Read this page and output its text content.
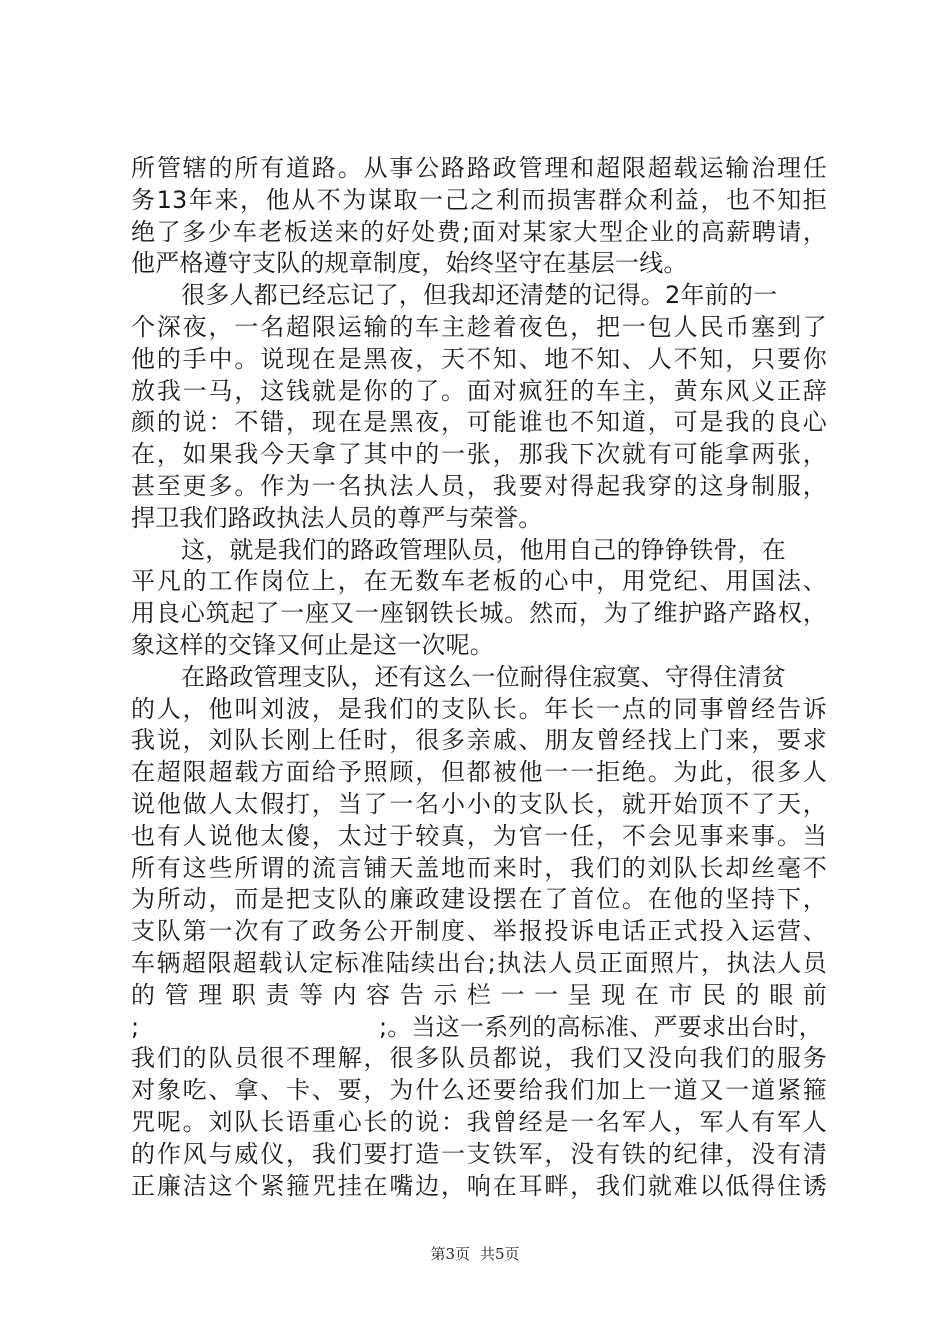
所管辖的所有道路。从事公路路政管理和超限超载运输治理任
务13年来，他从不为谋取一己之利而损害群众利益，也不知拒
绝了多少车老板送来的好处费;面对某家大型企业的高薪聘请，
他严格遵守支队的规章制度，始终坚守在基层一线。
很多人都已经忘记了，但我却还清楚的记得。2年前的一
个深夜，一名超限运输的车主趁着夜色，把一包人民币塞到了
他的手中。说现在是黑夜，天不知、地不知、人不知，只要你
放我一马，这钱就是你的了。面对疯狂的车主，黄东风义正辞
颜的说：不错，现在是黑夜，可能谁也不知道，可是我的良心
在，如果我今天拿了其中的一张，那我下次就有可能拿两张，
甚至更多。作为一名执法人员，我要对得起我穿的这身制服，
捍卫我们路政执法人员的尊严与荣誉。
这，就是我们的路政管理队员，他用自己的铮铮铁骨，在
平凡的工作岗位上，在无数车老板的心中，用党纪、用国法、
用良心筑起了一座又一座钢铁长城。然而，为了维护路产路权，
象这样的交锋又何止是这一次呢。
在路政管理支队，还有这么一位耐得住寂寞、守得住清贫
的人，他叫刘波，是我们的支队长。年长一点的同事曾经告诉
我说，刘队长刚上任时，很多亲戚、朋友曾经找上门来，要求
在超限超载方面给予照顾，但都被他一一拒绝。为此，很多人
说他做人太假打，当了一名小小的支队长，就开始顶不了天，
也有人说他太傻，太过于较真，为官一任，不会见事来事。当
所有这些所谓的流言铺天盖地而来时，我们的刘队长却丝毫不
为所动，而是把支队的廉政建设摆在了首位。在他的坚持下，
支队第一次有了政务公开制度、举报投诉电话正式投入运营、
车辆超限超载认定标准陆续出台;执法人员正面照片，执法人员
的管理职责等内容告示栏一一呈现在市民的眼前
;	;。当这一系列的高标准、严要求出台时，
我们的队员很不理解，很多队员都说，我们又没向我们的服务
对象吃、拿、卡、要，为什么还要给我们加上一道又一道紧箍
咒呢。刘队长语重心长的说：我曾经是一名军人，军人有军人
的作风与威仪，我们要打造一支铁军，没有铁的纪律，没有清
正廉洁这个紧箍咒挂在嘴边，响在耳畔，我们就难以低得住诱
第3页 共5页
